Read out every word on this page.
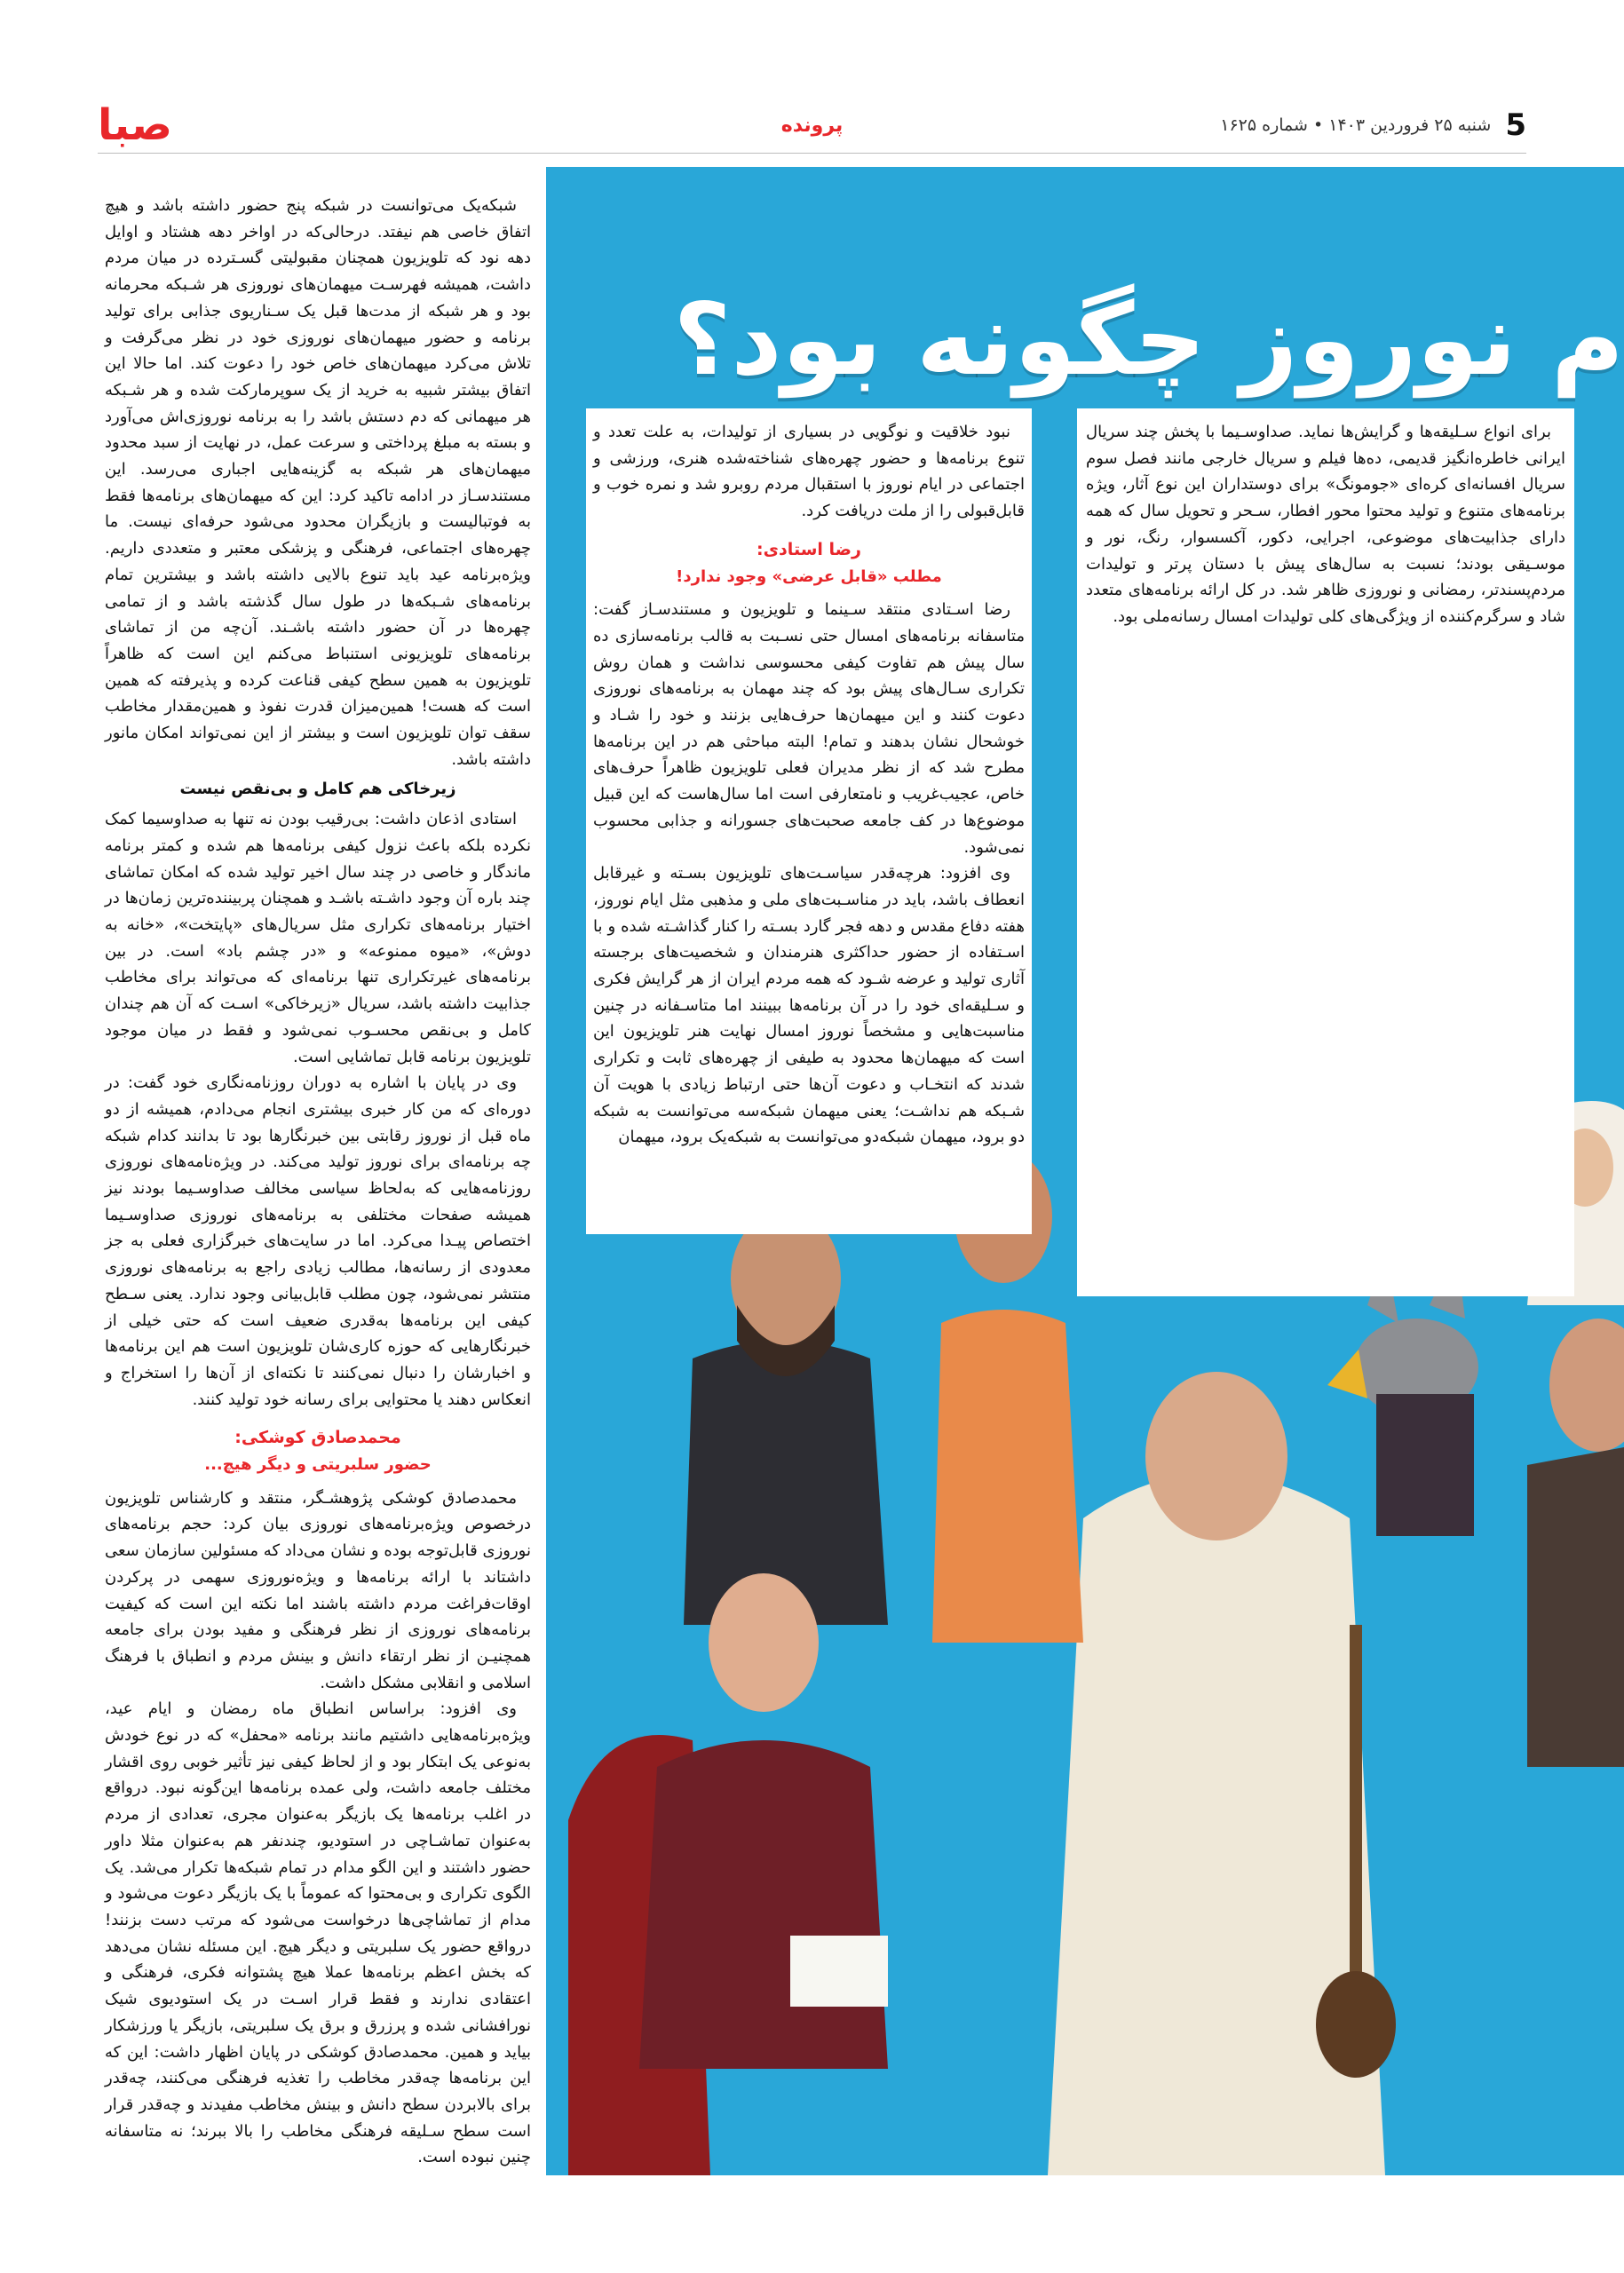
5
شنبه ۲۵ فروردین ۱۴۰۳ • شماره ۱۶۲۵
پرونده
صبا
م نوروز چگونه بود؟

برای انواع سـلیقه‌ها و گرایش‌ها نماید. صداوسـیما با پخش چند سریال ایرانی خاطره‌انگیز قدیمی، ده‌ها فیلم و سریال خارجی مانند فصل سوم سریال افسانه‌ای کره‌ای «جومونگ» برای دوستداران این نوع آثار، ویژه برنامه‌های متنوع و تولید محتوا محور افطار، سـحر و تحویل سال که همه دارای جذابیت‌های موضوعی، اجرایی، دکور، آکسسوار، رنگ، نور و موسـیقی بودند؛ نسبت به سال‌های پیش با دستان پرتر و تولیدات مردم‌پسندتر، رمضانی و نوروزی ظاهر شد. در کل ارائه برنامه‌های متعدد شاد و سرگرم‌کننده از ویژگی‌های کلی تولیدات امسال رسانه‌ملی بود.

نبود خلاقیت و نوگویی در بسیاری از تولیدات، به علت تعدد و تنوع برنامه‌ها و حضور چهره‌های شناخته‌شده هنری، ورزشی و اجتماعی در ایام نوروز با استقبال مردم روبرو شد و نمره خوب و قابل‌قبولی را از ملت دریافت کرد.

رضا استادی:
مطلب «قابل عرضی» وجود ندارد!

رضا اسـتادی منتقد سـینما و تلویزیون و مستندسـاز گفت: متاسفانه برنامه‌های امسال حتی نسـبت به قالب برنامه‌سازی ده سال پیش هم تفاوت کیفی محسوسی نداشت و همان روش تکراری سـال‌های پیش بود که چند مهمان به برنامه‌های نوروزی دعوت کنند و این میهمان‌ها حرف‌هایی بزنند و خود را شـاد و خوشحال نشان بدهند و تمام! البته مباحثی هم در این برنامه‌ها مطرح شد که از نظر مدیران فعلی تلویزیون ظاهراً حرف‌های خاص، عجیب‌غریب و نامتعارفی است اما سال‌هاست که این قبیل موضوع‌ها در کف جامعه صحبت‌های جسورانه و جذابی محسوب نمی‌شود.

وی افزود: هرچه‌قدر سیاسـت‌های تلویزیون بسـته و غیرقابل انعطاف باشد، باید در مناسـبت‌های ملی و مذهبی مثل ایام نوروز، هفته دفاع مقدس و دهه فجر گارد بسـته را کنار گذاشـته شده و با اسـتفاده از حضور حداکثری هنرمندان و شخصیت‌های برجسته آثاری تولید و عرضه شـود که همه مردم ایران از هر گرایش فکری و سـلیقه‌ای خود را در آن برنامه‌ها ببینند اما متاسـفانه در چنین مناسبت‌هایی و مشخصاً نوروز امسال نهایت هنر تلویزیون این است که میهمان‌ها محدود به طیفی از چهره‌های ثابت و تکراری شدند که انتخـاب و دعوت آن‌ها حتی ارتباط زیادی با هویت آن شـبکه هم نداشـت؛ یعنی میهمان شبکه‌سه می‌توانست به شبکه دو برود، میهمان شبکه‌دو می‌توانست به شبکه‌یک برود، میهمان

شبکه‌یک می‌توانست در شبکه پنج حضور داشته باشد و هیچ اتفاق خاصی هم نیفتد. درحالی‌که در اواخر دهه هشتاد و اوایل دهه نود که تلویزیون همچنان مقبولیتی گسـترده در میان مردم داشت، همیشه فهرسـت میهمان‌های نوروزی هر شـبکه محرمانه بود و هر شبکه از مدت‌ها قبل یک سـناریوی جذابی برای تولید برنامه و حضور میهمان‌های نوروزی خود در نظر می‌گرفت و تلاش می‌کرد میهمان‌های خاص خود را دعوت کند. اما حالا این اتفاق بیشتر شبیه به خرید از یک سوپرمارکت شده و هر شـبکه هر میهمانی که دم دستش باشد را به برنامه نوروزی‌اش می‌آورد و بسته به مبلغ پرداختی و سرعت عمل، در نهایت از سبد محدود میهمان‌های هر شبکه به گزینه‌هایی اجباری می‌رسد. این مستندسـاز در ادامه تاکید کرد: این که میهمان‌های برنامه‌ها فقط به فوتبالیست و بازیگران محدود می‌شود حرفه‌ای نیست. ما چهره‌های اجتماعی، فرهنگی و پزشکی معتبر و متعددی داریم. ویژه‌برنامه عید باید تنوع بالایی داشته باشد و بیشترین تمام برنامه‌های شـبکه‌ها در طول سال گذشته باشد و از تمامی چهره‌ها در آن حضور داشته باشـند. آن‌چه من از تماشای برنامه‌های تلویزیونی استنباط می‌کنم این است که ظاهراً تلویزیون به همین سطح کیفی قناعت کرده و پذیرفته که همین است که هست! همین‌میزان قدرت نفوذ و همین‌مقدار مخاطب سقف توان تلویزیون است و بیشتر از این نمی‌تواند امکان مانور داشته باشد.

زیرخاکی هم کامل و بی‌نقص نیست

استادی اذعان داشت: بی‌رقیب بودن نه تنها به صداوسیما کمک نکرده بلکه باعث نزول کیفی برنامه‌ها هم شده و کمتر برنامه ماندگار و خاصی در چند سال اخیر تولید شده که امکان تماشای چند باره آن وجود داشـته باشـد و همچنان پربیننده‌ترین زمان‌ها در اختیار برنامه‌های تکراری مثل سریال‌های «پایتخت»، «خانه به دوش»، «میوه ممنوعه» و «در چشم باد» است. در بین برنامه‌های غیرتکراری تنها برنامه‌ای که می‌تواند برای مخاطب جذابیت داشته باشد، سریال «زیرخاکی» اسـت که آن هم چندان کامل و بی‌نقص محسـوب نمی‌شود و فقط در میان موجود تلویزیون برنامه قابل تماشایی است.

وی در پایان با اشاره به دوران روزنامه‌نگاری خود گفت: در دوره‌ای که من کار خبری بیشتری انجام می‌دادم، همیشه از دو ماه قبل از نوروز رقابتی بین خبرنگارها بود تا بدانند کدام شبکه چه برنامه‌ای برای نوروز تولید می‌کند. در ویژه‌نامه‌های نوروزی روزنامه‌هایی که به‌لحاظ سیاسی مخالف صداوسـیما بودند نیز همیشه صفحات مختلفی به برنامه‌های نوروزی صداوسـیما اختصاص پیـدا می‌کرد. اما در سایت‌های خبرگزاری فعلی به جز معدودی از رسانه‌ها، مطالب زیادی راجع به برنامه‌های نوروزی منتشر نمی‌شود، چون مطلب قابل‌بیانی وجود ندارد. یعنی سـطح کیفی این برنامه‌ها به‌قدری ضعیف است که حتی خیلی از خبرنگارهایی که حوزه کاری‌شان تلویزیون است هم این برنامه‌ها و اخبارشان را دنبال نمی‌کنند تا نکته‌ای از آن‌ها را استخراج و انعکاس دهند یا محتوایی برای رسانه خود تولید کنند.

محمدصادق کوشکی:
حضور سلبریتی و دیگر هیچ...

محمدصادق کوشکی پژوهشـگر، منتقد و کارشناس تلویزیون درخصوص ویژه‌برنامه‌های نوروزی بیان کرد: حجم برنامه‌های نوروزی قابل‌توجه بوده و نشان می‌داد که مسئولین سازمان سعی داشتاند با ارائه برنامه‌ها و ویژه‌نوروزی سهمی در پرکردن اوقات‌فراغت مردم داشته باشند اما نکته این است که کیفیت برنامه‌های نوروزی از نظر فرهنگی و مفید بودن برای جامعه همچنیـن از نظر ارتقاء دانش و بینش مردم و انطباق با فرهنگ اسلامی و انقلابی مشکل داشت.

وی افزود: براساس انطباق ماه رمضان و ایام عید، ویژه‌برنامه‌هایی داشتیم مانند برنامه «محفل» که در نوع خودش به‌نوعی یک ابتکار بود و از لحاظ کیفی نیز تأثیر خوبی روی اقشار مختلف جامعه داشت، ولی عمده برنامه‌ها این‌گونه نبود. درواقع در اغلب برنامه‌ها یک بازیگر به‌عنوان مجری، تعدادی از مردم به‌عنوان تماشـاچی در استودیو، چندنفر هم به‌عنوان مثلا داور حضور داشتند و این الگو مدام در تمام شبکه‌ها تکرار می‌شد. یک الگوی تکراری و بی‌محتوا که عموماً با یک بازیگر دعوت می‌شود و مدام از تماشاچی‌ها درخواست می‌شود که مرتب دست بزنند! درواقع حضور یک سلبریتی و دیگر هیچ. این مسئله نشان می‌دهد که بخش اعظم برنامه‌ها عملا هیچ پشتوانه فکری، فرهنگی و اعتقادی ندارند و فقط قرار اسـت در یک استودیوی شیک نورافشانی شده و پرزرق و برق یک سلبریتی، بازیگر یا ورزشکار بیاید و همین. محمدصادق کوشکی در پایان اظهار داشت: این که این برنامه‌ها چه‌قدر مخاطب را تغذیه فرهنگی می‌کنند، چه‌قدر برای بالابردن سطح دانش و بینش مخاطب مفیدند و چه‌قدر قرار است سطح سـلیقه فرهنگی مخاطب را بالا ببرند؛ نه متاسفانه چنین نبوده است.
